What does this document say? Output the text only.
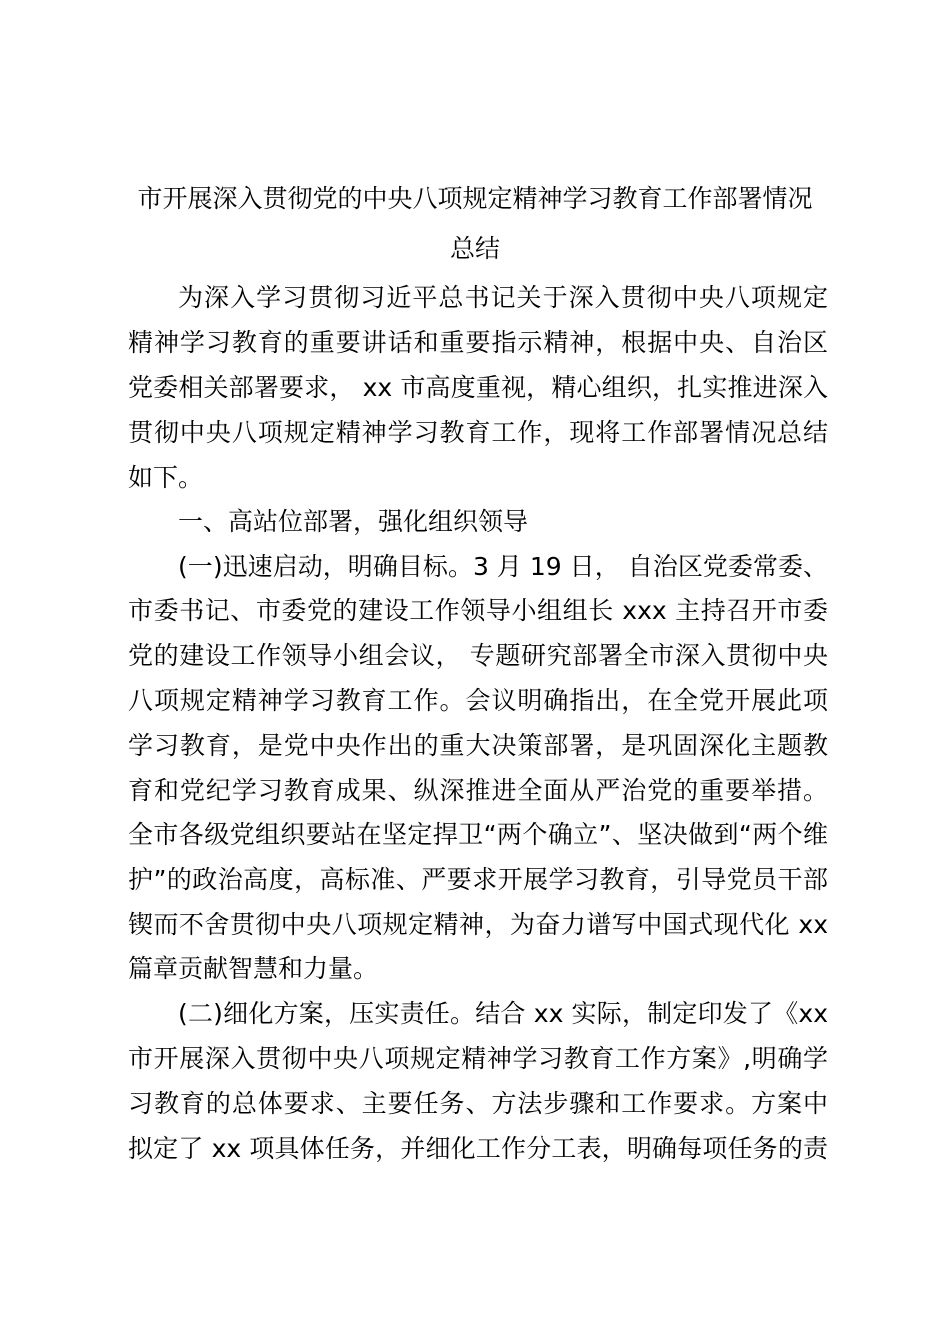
市开展深入贯彻党的中央八项规定精神学习教育工作部署情况
总结
为深入学习贯彻习近平总书记关于深入贯彻中央八项规定
精神学习教育的重要讲话和重要指示精神，根据中央、自治区
党委相关部署要求， xx 市高度重视，精心组织，扎实推进深入
贯彻中央八项规定精神学习教育工作，现将工作部署情况总结
如下。
一、高站位部署，强化组织领导
(一)迅速启动，明确目标。3 月 19 日， 自治区党委常委、
市委书记、市委党的建设工作领导小组组长 xxx 主持召开市委
党的建设工作领导小组会议， 专题研究部署全市深入贯彻中央
八项规定精神学习教育工作。会议明确指出，在全党开展此项
学习教育，是党中央作出的重大决策部署，是巩固深化主题教
育和党纪学习教育成果、纵深推进全面从严治党的重要举措。
全市各级党组织要站在坚定捍卫“两个确立”、坚决做到“两个维
护”的政治高度，高标准、严要求开展学习教育，引导党员干部
锲而不舍贯彻中央八项规定精神，为奋力谱写中国式现代化 xx
篇章贡献智慧和力量。
(二)细化方案，压实责任。结合 xx 实际，制定印发了《xx
市开展深入贯彻中央八项规定精神学习教育工作方案》,明确学
习教育的总体要求、主要任务、方法步骤和工作要求。方案中
拟定了 xx 项具体任务，并细化工作分工表，明确每项任务的责
